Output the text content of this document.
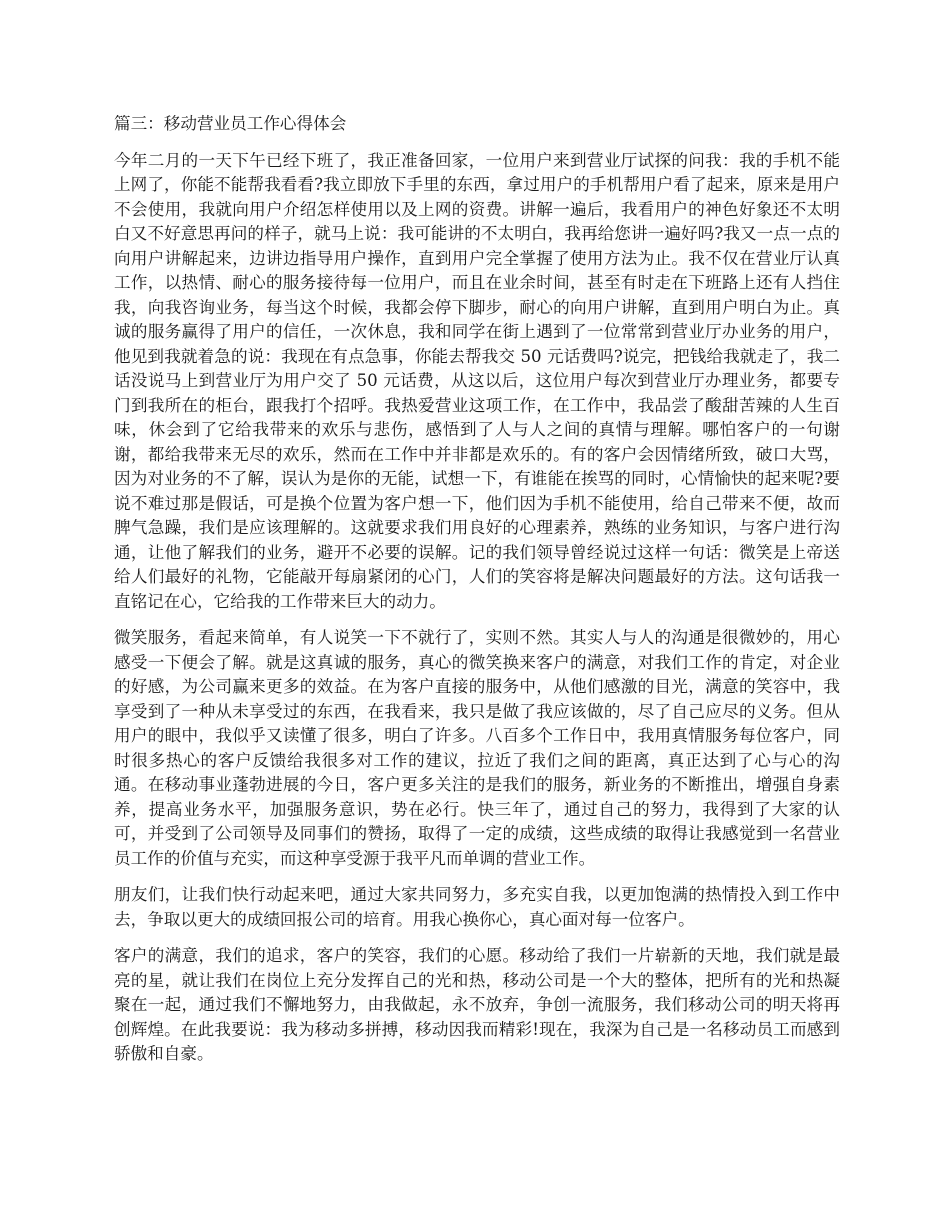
篇三：移动营业员工作心得体会
今年二月的一天下午已经下班了，我正准备回家，一位用户来到营业厅试探的问我：我的手机不能上网了，你能不能帮我看看?我立即放下手里的东西，拿过用户的手机帮用户看了起来，原来是用户不会使用，我就向用户介绍怎样使用以及上网的资费。讲解一遍后，我看用户的神色好象还不太明白又不好意思再问的样子，就马上说：我可能讲的不太明白，我再给您讲一遍好吗?我又一点一点的向用户讲解起来，边讲边指导用户操作，直到用户完全掌握了使用方法为止。我不仅在营业厅认真工作，以热情、耐心的服务接待每一位用户，而且在业余时间，甚至有时走在下班路上还有人挡住我，向我咨询业务，每当这个时候，我都会停下脚步，耐心的向用户讲解，直到用户明白为止。真诚的服务赢得了用户的信任，一次休息，我和同学在街上遇到了一位常常到营业厅办业务的用户，他见到我就着急的说：我现在有点急事，你能去帮我交 50 元话费吗?说完，把钱给我就走了，我二话没说马上到营业厅为用户交了 50 元话费，从这以后，这位用户每次到营业厅办理业务，都要专门到我所在的柜台，跟我打个招呼。我热爱营业这项工作，在工作中，我品尝了酸甜苦辣的人生百味，休会到了它给我带来的欢乐与悲伤，感悟到了人与人之间的真情与理解。哪怕客户的一句谢谢，都给我带来无尽的欢乐，然而在工作中并非都是欢乐的。有的客户会因情绪所致，破口大骂，因为对业务的不了解，误认为是你的无能，试想一下，有谁能在挨骂的同时，心情愉快的起来呢?要说不难过那是假话，可是换个位置为客户想一下，他们因为手机不能使用，给自己带来不便，故而脾气急躁，我们是应该理解的。这就要求我们用良好的心理素养，熟练的业务知识，与客户进行沟通，让他了解我们的业务，避开不必要的误解。记的我们领导曾经说过这样一句话：微笑是上帝送给人们最好的礼物，它能敲开每扇紧闭的心门，人们的笑容将是解决问题最好的方法。这句话我一直铭记在心，它给我的工作带来巨大的动力。
微笑服务，看起来简单，有人说笑一下不就行了，实则不然。其实人与人的沟通是很微妙的，用心感受一下便会了解。就是这真诚的服务，真心的微笑换来客户的满意，对我们工作的肯定，对企业的好感，为公司赢来更多的效益。在为客户直接的服务中，从他们感激的目光，满意的笑容中，我享受到了一种从未享受过的东西，在我看来，我只是做了我应该做的，尽了自己应尽的义务。但从用户的眼中，我似乎又读懂了很多，明白了许多。八百多个工作日中，我用真情服务每位客户，同时很多热心的客户反馈给我很多对工作的建议，拉近了我们之间的距离，真正达到了心与心的沟通。在移动事业蓬勃进展的今日，客户更多关注的是我们的服务，新业务的不断推出，增强自身素养，提高业务水平，加强服务意识，势在必行。快三年了，通过自己的努力，我得到了大家的认可，并受到了公司领导及同事们的赞扬，取得了一定的成绩，这些成绩的取得让我感觉到一名营业员工作的价值与充实，而这种享受源于我平凡而单调的营业工作。
朋友们，让我们快行动起来吧，通过大家共同努力，多充实自我，以更加饱满的热情投入到工作中去，争取以更大的成绩回报公司的培育。用我心换你心，真心面对每一位客户。
客户的满意，我们的追求，客户的笑容，我们的心愿。移动给了我们一片崭新的天地，我们就是最亮的星，就让我们在岗位上充分发挥自己的光和热，移动公司是一个大的整体，把所有的光和热凝聚在一起，通过我们不懈地努力，由我做起，永不放弃，争创一流服务，我们移动公司的明天将再创辉煌。在此我要说：我为移动多拼搏，移动因我而精彩!现在，我深为自己是一名移动员工而感到骄傲和自豪。
